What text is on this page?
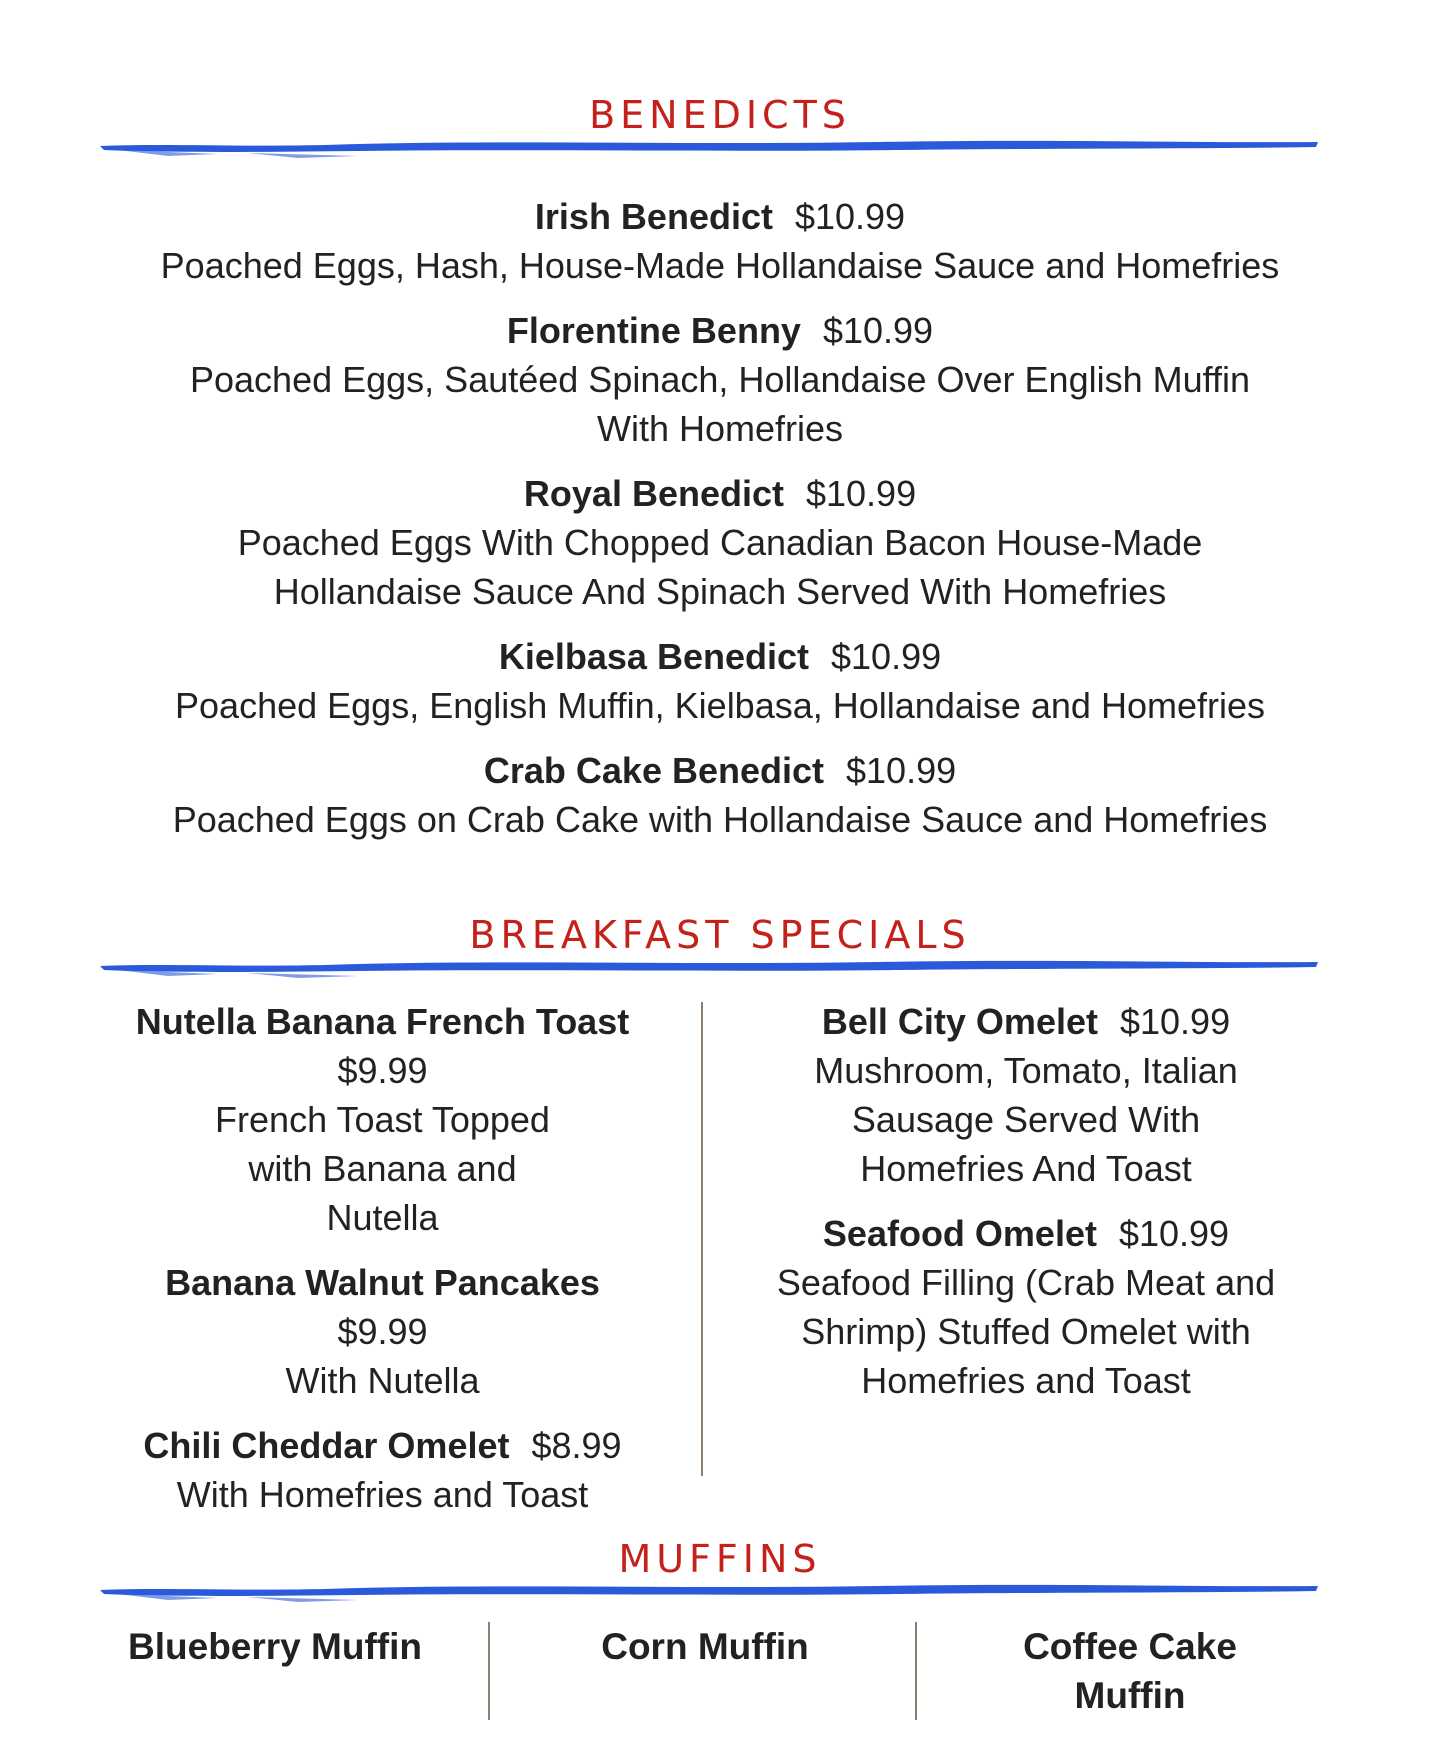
BENEDICTS
Irish Benedict $10.99
Poached Eggs, Hash, House-Made Hollandaise Sauce and Homefries
Florentine Benny $10.99
Poached Eggs, Sautéed Spinach, Hollandaise Over English Muffin With Homefries
Royal Benedict $10.99
Poached Eggs With Chopped Canadian Bacon House-Made Hollandaise Sauce And Spinach Served With Homefries
Kielbasa Benedict $10.99
Poached Eggs, English Muffin, Kielbasa, Hollandaise and Homefries
Crab Cake Benedict $10.99
Poached Eggs on Crab Cake with Hollandaise Sauce and Homefries
BREAKFAST SPECIALS
Nutella Banana French Toast
$9.99
French Toast Topped with Banana and Nutella
Banana Walnut Pancakes
$9.99
With Nutella
Chili Cheddar Omelet $8.99
With Homefries and Toast
Bell City Omelet $10.99
Mushroom, Tomato, Italian Sausage Served With Homefries And Toast
Seafood Omelet $10.99
Seafood Filling (Crab Meat and Shrimp) Stuffed Omelet with Homefries and Toast
MUFFINS
Blueberry Muffin	Corn Muffin	Coffee Cake Muffin
